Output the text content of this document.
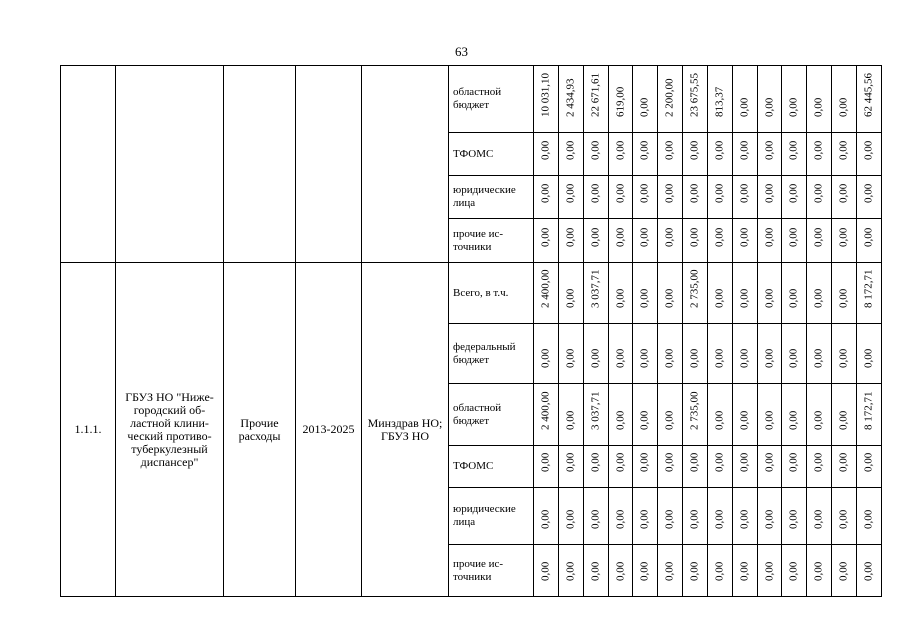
63
					областной бюджет	10 031,10	2 434,93	22 671,61	619,00	0,00	2 200,00	23 675,55	813,37	0,00	0,00	0,00	0,00	0,00	62 445,56

					ТФОМС	0,00	0,00	0,00	0,00	0,00	0,00	0,00	0,00	0,00	0,00	0,00	0,00	0,00	0,00

					юридические лица	0,00	0,00	0,00	0,00	0,00	0,00	0,00	0,00	0,00	0,00	0,00	0,00	0,00	0,00

					прочие ис-точники	0,00	0,00	0,00	0,00	0,00	0,00	0,00	0,00	0,00	0,00	0,00	0,00	0,00	0,00

1.1.1.	ГБУЗ НО "Ниже-городский об-ластной клини-ческий противо-туберкулезный диспансер"	Прочие расходы	2013-2025	Минздрав НО; ГБУЗ НО	Всего, в т.ч.	2 400,00	0,00	3 037,71	0,00	0,00	0,00	2 735,00	0,00	0,00	0,00	0,00	0,00	0,00	8 172,71

					федеральный бюджет	0,00	0,00	0,00	0,00	0,00	0,00	0,00	0,00	0,00	0,00	0,00	0,00	0,00	0,00

					областной бюджет	2 400,00	0,00	3 037,71	0,00	0,00	0,00	2 735,00	0,00	0,00	0,00	0,00	0,00	0,00	8 172,71

					ТФОМС	0,00	0,00	0,00	0,00	0,00	0,00	0,00	0,00	0,00	0,00	0,00	0,00	0,00	0,00

					юридические лица	0,00	0,00	0,00	0,00	0,00	0,00	0,00	0,00	0,00	0,00	0,00	0,00	0,00	0,00

					прочие ис-точники	0,00	0,00	0,00	0,00	0,00	0,00	0,00	0,00	0,00	0,00	0,00	0,00	0,00	0,00
